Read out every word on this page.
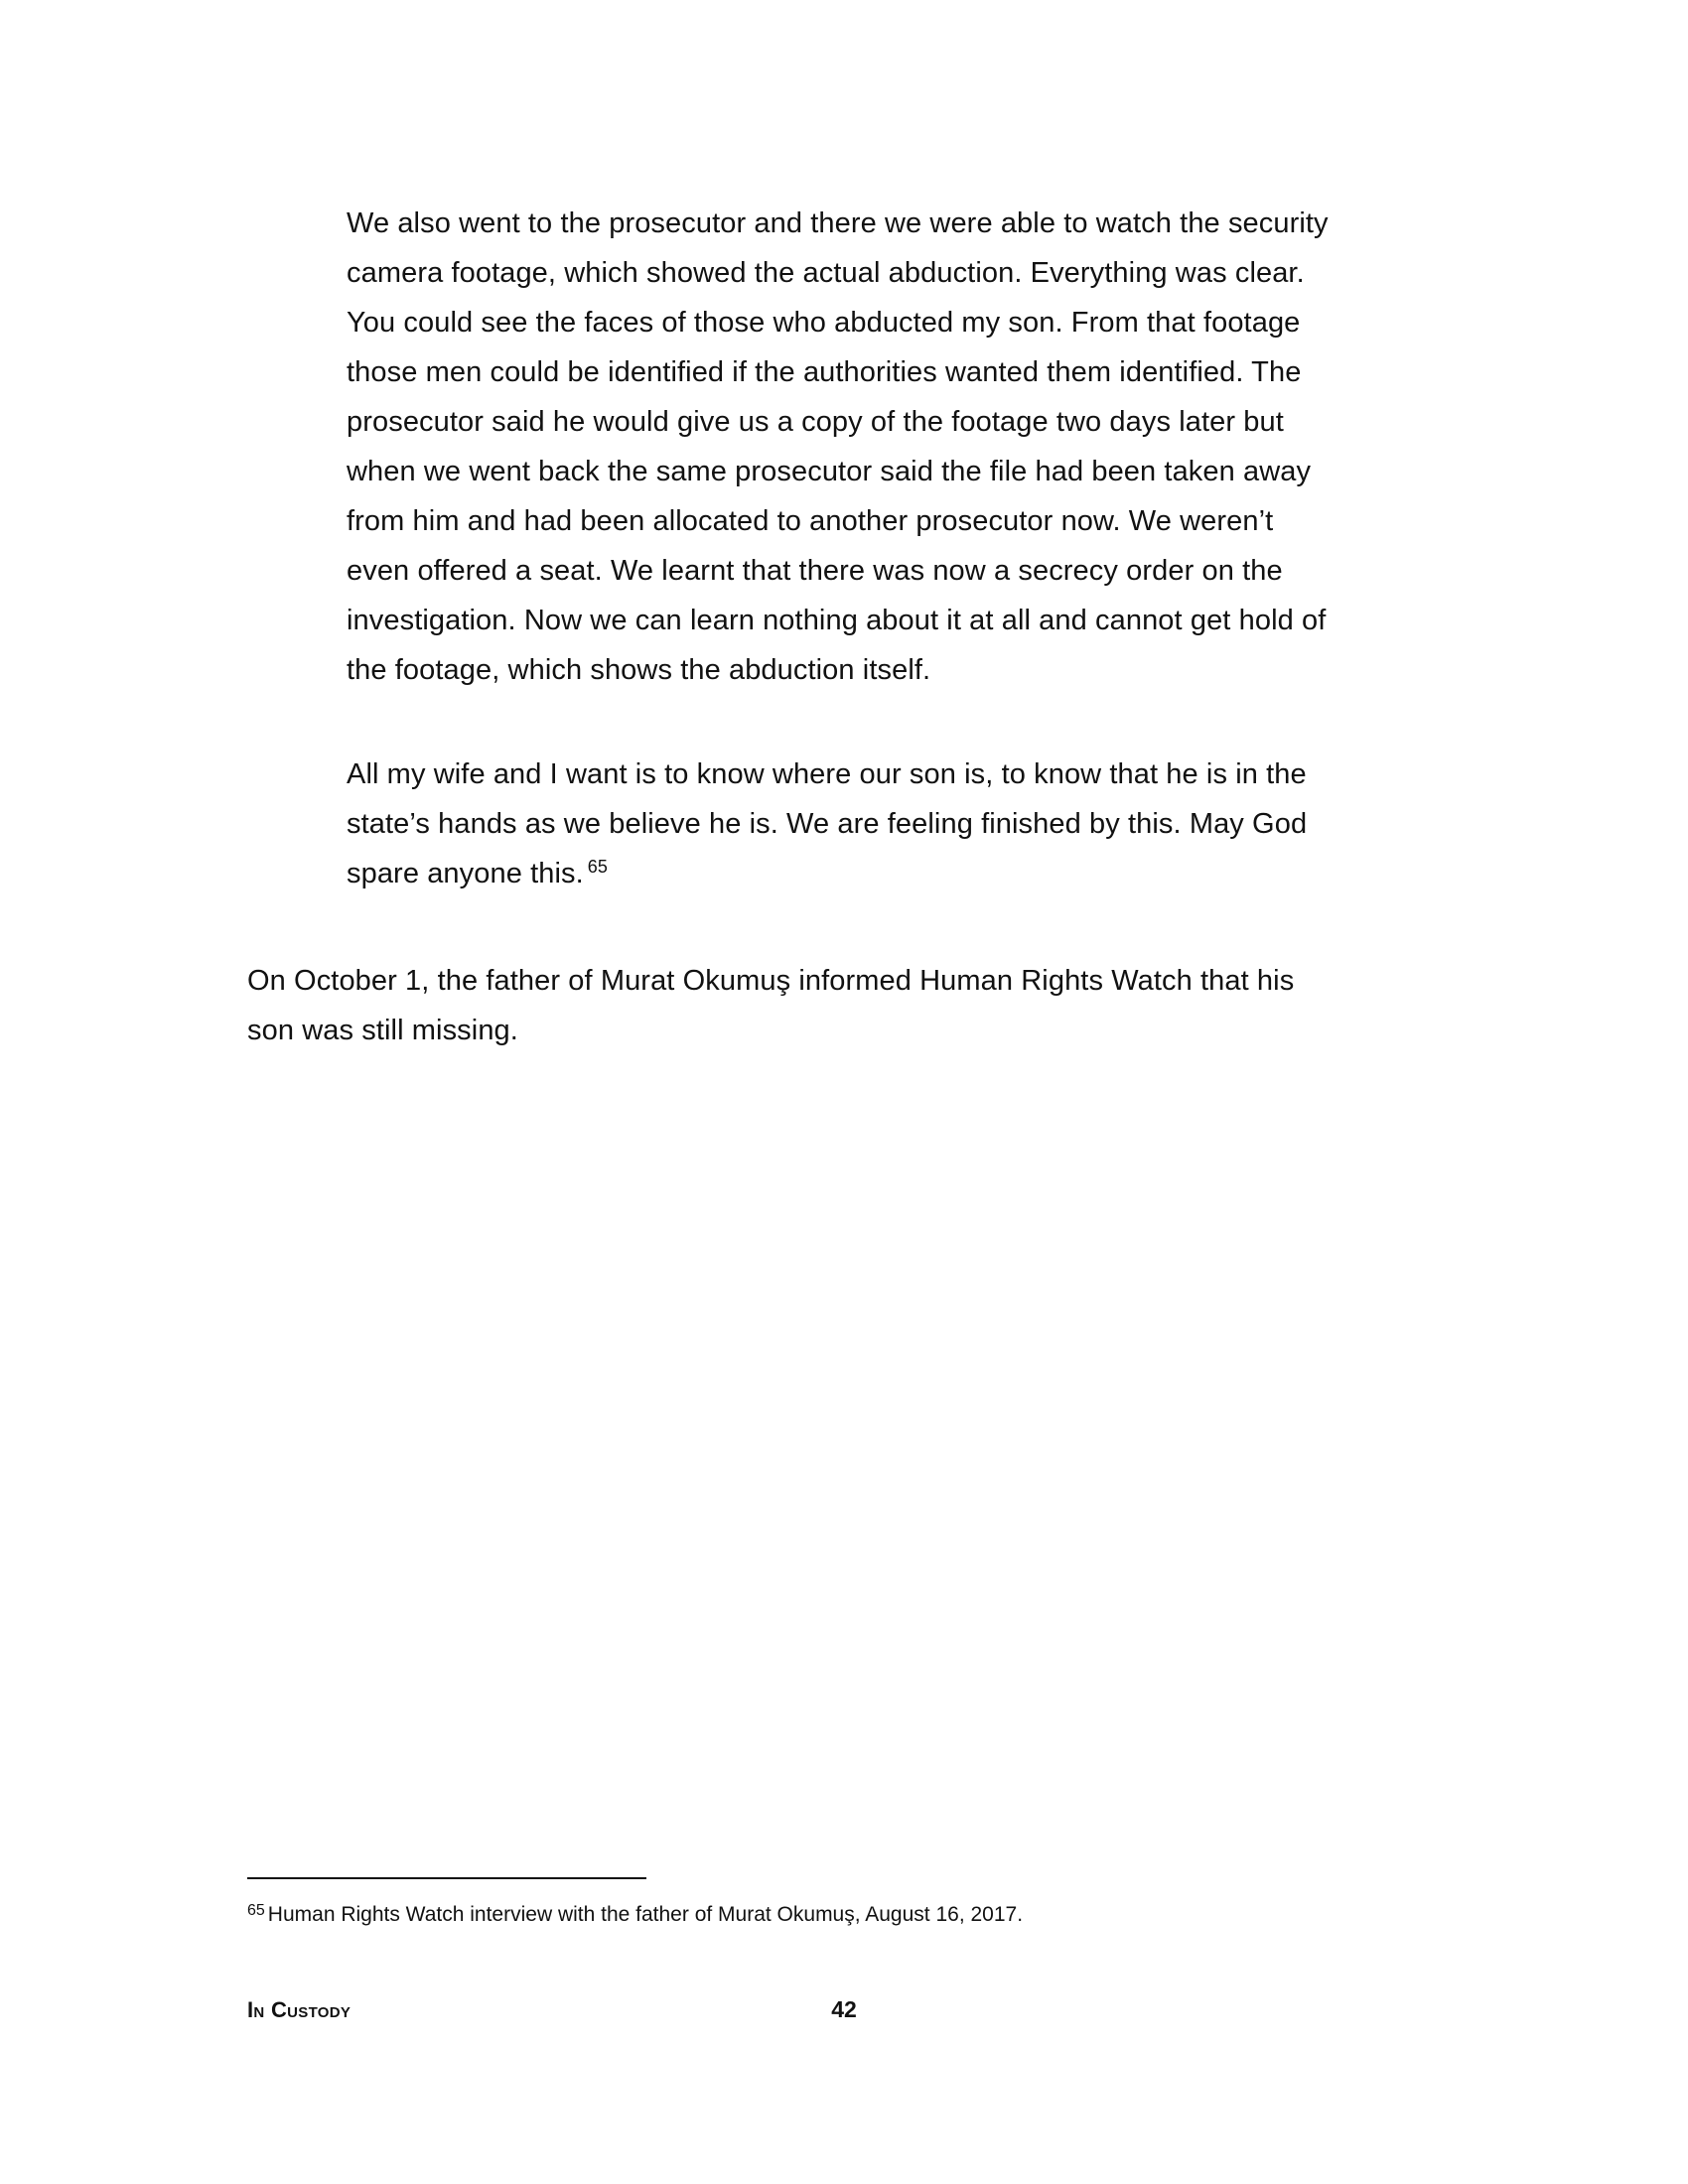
We also went to the prosecutor and there we were able to watch the security camera footage, which showed the actual abduction. Everything was clear. You could see the faces of those who abducted my son. From that footage those men could be identified if the authorities wanted them identified. The prosecutor said he would give us a copy of the footage two days later but when we went back the same prosecutor said the file had been taken away from him and had been allocated to another prosecutor now. We weren’t even offered a seat. We learnt that there was now a secrecy order on the investigation. Now we can learn nothing about it at all and cannot get hold of the footage, which shows the abduction itself.

All my wife and I want is to know where our son is, to know that he is in the state’s hands as we believe he is. We are feeling finished by this. May God spare anyone this. $^{65}$

On October 1, the father of Murat Okumuş informed Human Rights Watch that his son was still missing.

$^{65}$ Human Rights Watch interview with the father of Murat Okumuş, August 16, 2017.
In Custody	42
